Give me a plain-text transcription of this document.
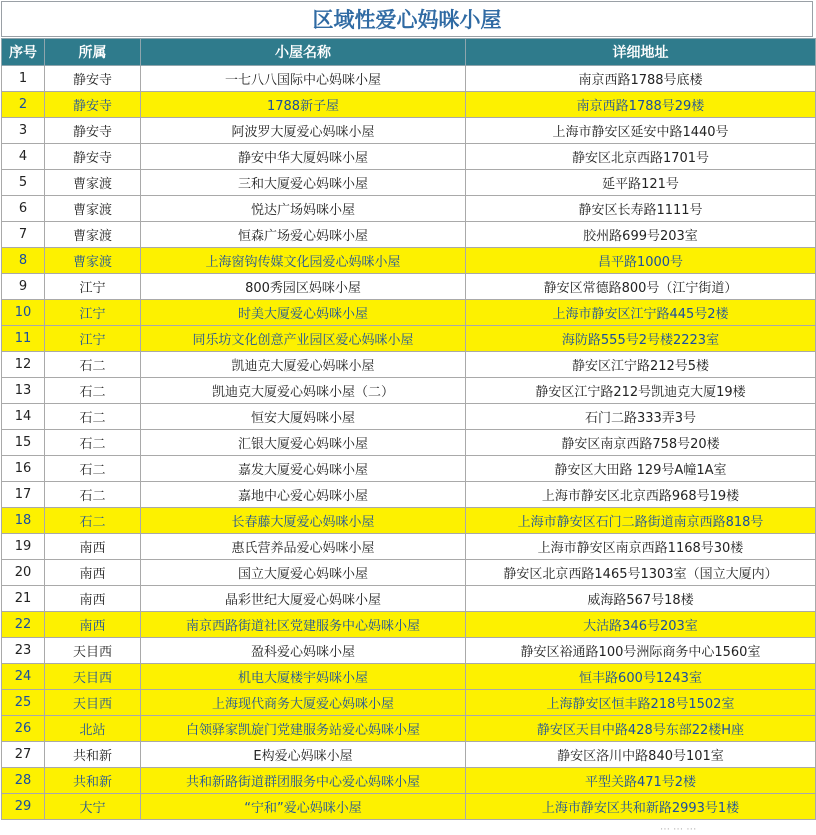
区域性爱心妈咪小屋
序号	所属	小屋名称	详细地址
1	静安寺	一七八八国际中心妈咪小屋	南京西路1788号底楼
2	静安寺	1788新子屋	南京西路1788号29楼
3	静安寺	阿波罗大厦爱心妈咪小屋	上海市静安区延安中路1440号
4	静安寺	静安中华大厦妈咪小屋	静安区北京西路1701号
5	曹家渡	三和大厦爱心妈咪小屋	延平路121号
6	曹家渡	悦达广场妈咪小屋	静安区长寿路1111号
7	曹家渡	恒森广场爱心妈咪小屋	胶州路699号203室
8	曹家渡	上海窗钩传媒文化园爱心妈咪小屋	昌平路1000号
9	江宁	800秀园区妈咪小屋	静安区常德路800号（江宁街道）
10	江宁	时美大厦爱心妈咪小屋	上海市静安区江宁路445号2楼
11	江宁	同乐坊文化创意产业园区爱心妈咪小屋	海防路555号2号楼2223室
12	石二	凯迪克大厦爱心妈咪小屋	静安区江宁路212号5楼
13	石二	凯迪克大厦爱心妈咪小屋（二）	静安区江宁路212号凯迪克大厦19楼
14	石二	恒安大厦妈咪小屋	石门二路333弄3号
15	石二	汇银大厦爱心妈咪小屋	静安区南京西路758号20楼
16	石二	嘉发大厦爱心妈咪小屋	静安区大田路 129号A幢1A室
17	石二	嘉地中心爱心妈咪小屋	上海市静安区北京西路968号19楼
18	石二	长春藤大厦爱心妈咪小屋	上海市静安区石门二路街道南京西路818号
19	南西	惠氏营养品爱心妈咪小屋	上海市静安区南京西路1168号30楼
20	南西	国立大厦爱心妈咪小屋	静安区北京西路1465号1303室（国立大厦内）
21	南西	晶彩世纪大厦爱心妈咪小屋	威海路567号18楼
22	南西	南京西路街道社区党建服务中心妈咪小屋	大沽路346号203室
23	天目西	盈科爱心妈咪小屋	静安区裕通路100号洲际商务中心1560室
24	天目西	机电大厦楼宇妈咪小屋	恒丰路600号1243室
25	天目西	上海现代商务大厦爱心妈咪小屋	上海静安区恒丰路218号1502室
26	北站	白领驿家凯旋门党建服务站爱心妈咪小屋	静安区天目中路428号东部22楼H座
27	共和新	E构爱心妈咪小屋	静安区洛川中路840号101室
28	共和新	共和新路街道群团服务中心爱心妈咪小屋	平型关路471号2楼
29	大宁	“宁和”爱心妈咪小屋	上海市静安区共和新路2993号1楼
⋯ ⋯ ⋯
